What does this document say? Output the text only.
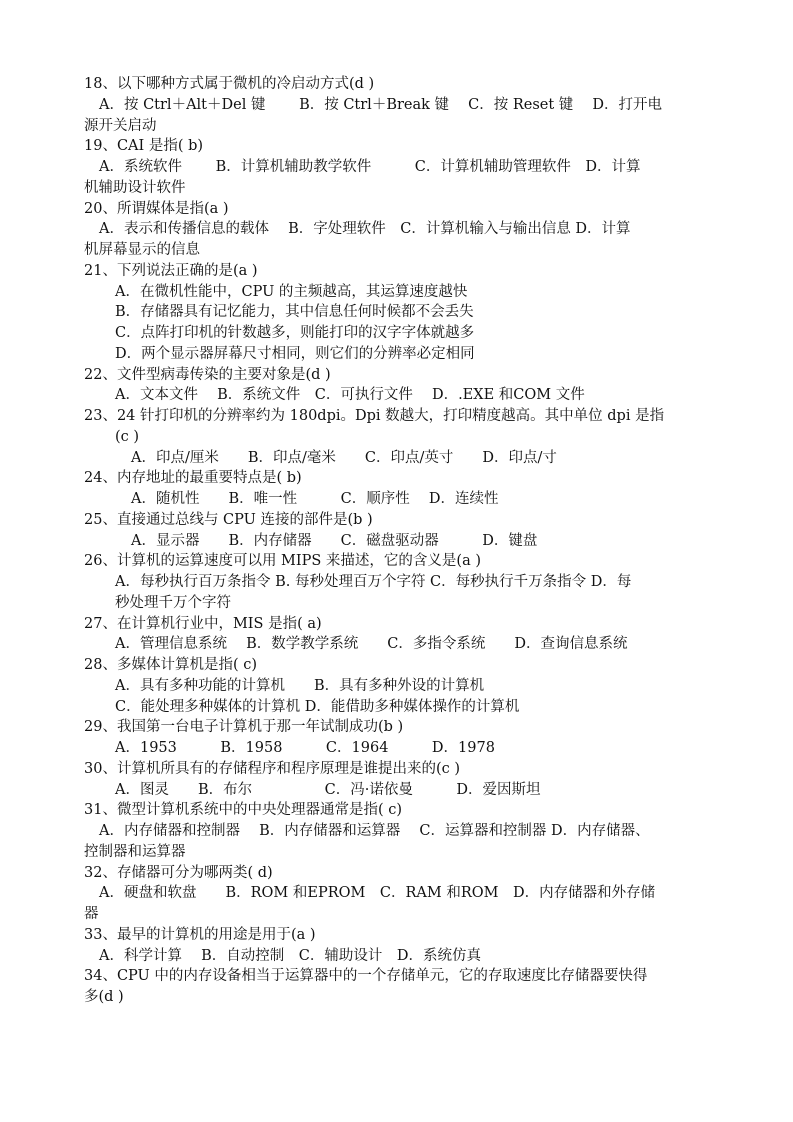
18、以下哪种方式属于微机的冷启动方式(d )
A．按 Ctrl＋Alt＋Del 键　　 B．按 Ctrl＋Break 键　 C．按 Reset 键　 D．打开电
源开关启动
19、CAI 是指( b)
A．系统软件　　 B．计算机辅助教学软件　　　C．计算机辅助管理软件　D．计算
机辅助设计软件
20、所谓媒体是指(a )
A．表示和传播信息的载体　 B．字处理软件　C．计算机输入与输出信息 D．计算
机屏幕显示的信息
21、下列说法正确的是(a )
A．在微机性能中，CPU 的主频越高，其运算速度越快
B．存储器具有记忆能力，其中信息任何时候都不会丢失
C．点阵打印机的针数越多，则能打印的汉字字体就越多
D．两个显示器屏幕尺寸相同，则它们的分辨率必定相同
22、文件型病毒传染的主要对象是(d )
A．文本文件　 B．系统文件　C．可执行文件　 D．.EXE 和COM 文件
23、24 针打印机的分辨率约为 180dpi。Dpi 数越大，打印精度越高。其中单位 dpi 是指
(c )
A．印点/厘米　　B．印点/毫米　　C．印点/英寸　　D．印点/寸
24、内存地址的最重要特点是( b)
A．随机性　　B．唯一性　　　C．顺序性　 D．连续性
25、直接通过总线与 CPU 连接的部件是(b )
A．显示器　　B．内存储器　　C．磁盘驱动器　　　D．键盘
26、计算机的运算速度可以用 MIPS 来描述，它的含义是(a )
A．每秒执行百万条指令 B. 每秒处理百万个字符 C．每秒执行千万条指令 D．每
秒处理千万个字符
27、在计算机行业中，MIS 是指( a)
A．管理信息系统　 B．数学教学系统　　C．多指令系统　　D．查询信息系统
28、多媒体计算机是指( c)
A．具有多种功能的计算机　　B．具有多种外设的计算机
C．能处理多种媒体的计算机 D．能借助多种媒体操作的计算机
29、我国第一台电子计算机于那一年试制成功(b )
A．1953　　　B．1958　　　C．1964　　　D．1978
30、计算机所具有的存储程序和程序原理是谁提出来的(c )
A．图灵　　B．布尔　　　　　C．冯·诺依曼　　　D．爱因斯坦
31、微型计算机系统中的中央处理器通常是指( c)
A．内存储器和控制器　 B．内存储器和运算器　 C．运算器和控制器 D．内存储器、
控制器和运算器
32、存储器可分为哪两类( d)
A．硬盘和软盘　　B．ROM 和EPROM　C．RAM 和ROM　D．内存储器和外存储
器
33、最早的计算机的用途是用于(a )
A．科学计算　 B．自动控制　C．辅助设计　D．系统仿真
34、CPU 中的内存设备相当于运算器中的一个存储单元，它的存取速度比存储器要快得
多(d )
